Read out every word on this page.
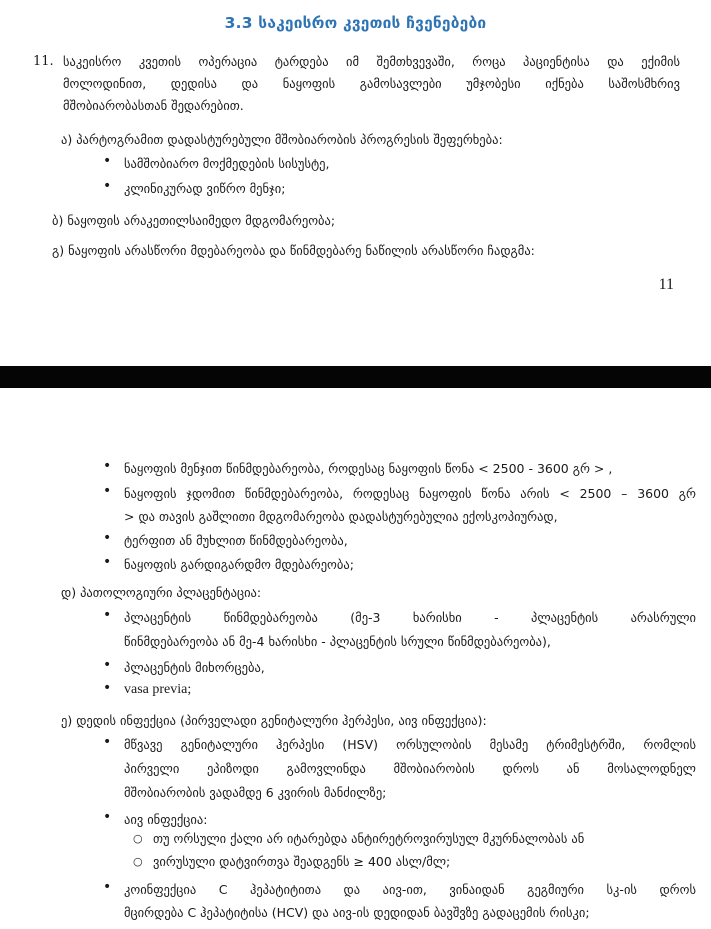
3.3 საკეისრო კვეთის ჩვენებები
11. საკეისრო კვეთის ოპერაცია ტარდება იმ შემთხვევაში, როცა პაციენტისა და ექიმის
მოლოდინით, დედისა და ნაყოფის გამოსავლები უმჯობესი იქნება საშოსმხრივ
მშობიარობასთან შედარებით.
ა) პარტოგრამით დადასტურებული მშობიარობის პროგრესის შეფერხება:
• სამშობიარო მოქმედების სისუსტე,
• კლინიკურად ვიწრო მენჯი;
ბ) ნაყოფის არაკეთილსაიმედო მდგომარეობა;
გ) ნაყოფის არასწორი მდებარეობა და წინმდებარე ნაწილის არასწორი ჩადგმა:
11
• ნაყოფის მენჯით წინმდებარეობა, როდესაც ნაყოფის წონა < 2500 - 3600 გრ > ,
• ნაყოფის ჯდომით წინმდებარეობა, როდესაც ნაყოფის წონა არის < 2500 – 3600 გრ
> და თავის გაშლითი მდგომარეობა დადასტურებულია ექოსკოპიურად,
• ტერფით ან მუხლით წინმდებარეობა,
• ნაყოფის გარდიგარდმო მდებარეობა;
დ) პათოლოგიური პლაცენტაცია:
• პლაცენტის წინმდებარეობა (მე-3 ხარისხი - პლაცენტის არასრული
წინმდებარეობა ან მე-4 ხარისხი - პლაცენტის სრული წინმდებარეობა),
• პლაცენტის მიხორცება,
• vasa previa;
ე) დედის ინფექცია (პირველადი გენიტალური ჰერპესი, აივ ინფექცია):
• მწვავე გენიტალური ჰერპესი (HSV) ორსულობის მესამე ტრიმესტრში, რომლის
პირველი ეპიზოდი გამოვლინდა მშობიარობის დროს ან მოსალოდნელ
მშობიარობის ვადამდე 6 კვირის მანძილზე;
• აივ ინფექცია:
○ თუ ორსული ქალი არ იტარებდა ანტირეტროვირუსულ მკურნალობას ან
○ ვირუსული დატვირთვა შეადგენს ≥ 400 ასლ/მლ;
• კოინფექცია C ჰეპატიტითა და აივ-ით, ვინაიდან გეგმიური სკ-ის დროს
მცირდება C ჰეპატიტისა (HCV) და აივ-ის დედიდან ბავშვზე გადაცემის რისკი;
